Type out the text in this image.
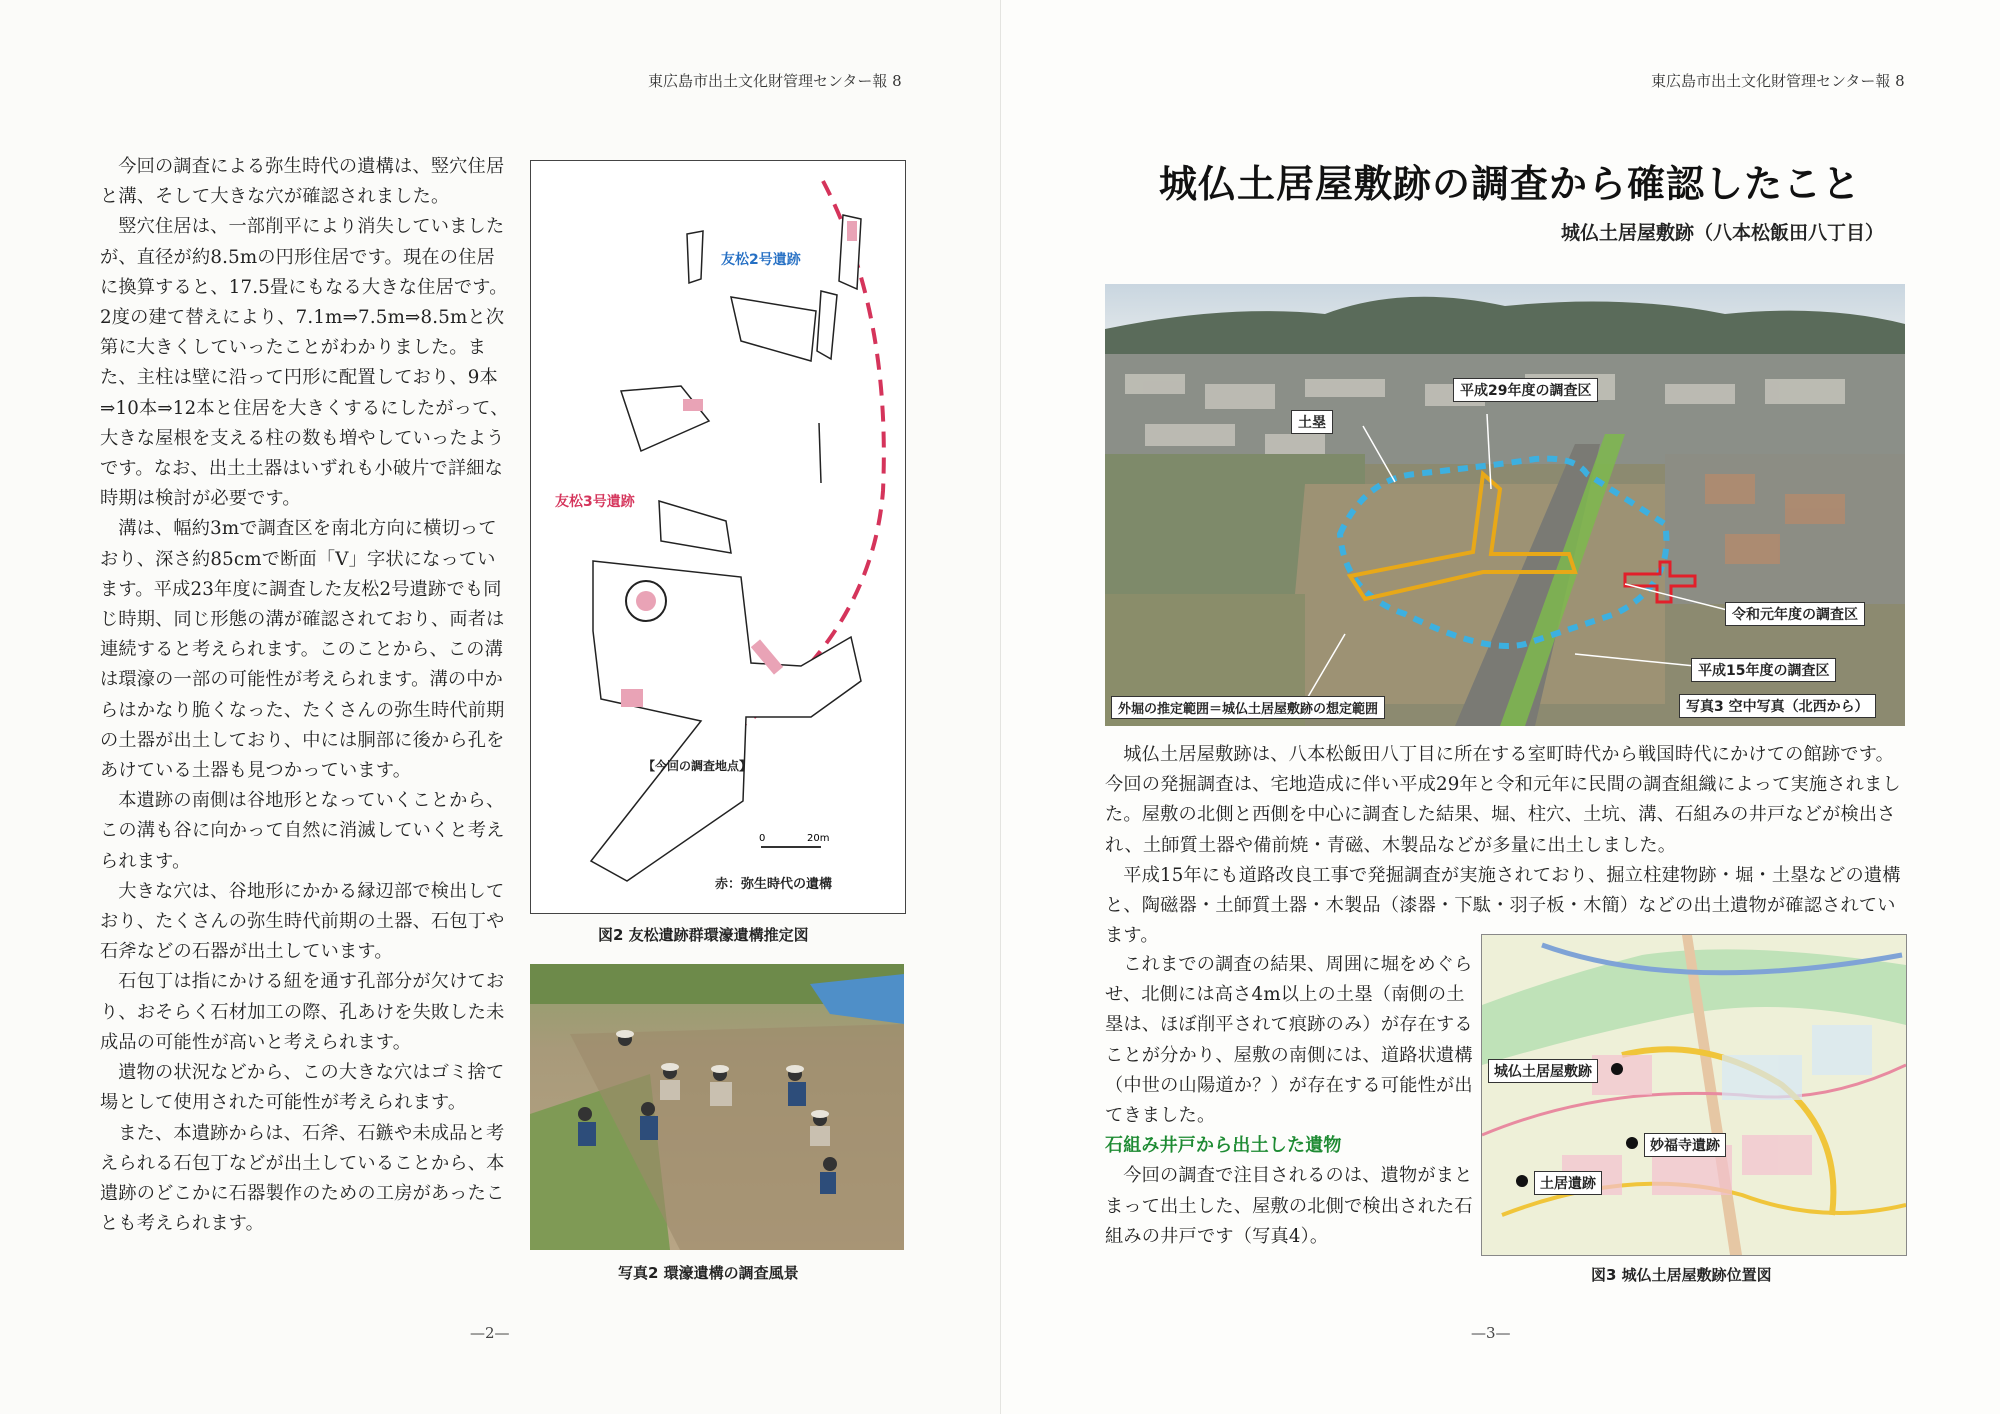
東広島市出土文化財管理センター報 8

今回の調査による弥生時代の遺構は、竪穴住居と溝、そして大きな穴が確認されました。

竪穴住居は、一部削平により消失していましたが、直径が約8.5mの円形住居です。現在の住居に換算すると、17.5畳にもなる大きな住居です。2度の建て替えにより、7.1m⇒7.5m⇒8.5mと次第に大きくしていったことがわかりました。また、主柱は壁に沿って円形に配置しており、9本⇒10本⇒12本と住居を大きくするにしたがって、大きな屋根を支える柱の数も増やしていったようです。なお、出土土器はいずれも小破片で詳細な時期は検討が必要です。

溝は、幅約3mで調査区を南北方向に横切っており、深さ約85cmで断面「V」字状になっています。平成23年度に調査した友松2号遺跡でも同じ時期、同じ形態の溝が確認されており、両者は連続すると考えられます。このことから、この溝は環濠の一部の可能性が考えられます。溝の中からはかなり脆くなった、たくさんの弥生時代前期の土器が出土しており、中には胴部に後から孔をあけている土器も見つかっています。

本遺跡の南側は谷地形となっていくことから、この溝も谷に向かって自然に消滅していくと考えられます。

大きな穴は、谷地形にかかる縁辺部で検出しており、たくさんの弥生時代前期の土器、石包丁や石斧などの石器が出土しています。

石包丁は指にかける紐を通す孔部分が欠けており、おそらく石材加工の際、孔あけを失敗した未成品の可能性が高いと考えられます。

遺物の状況などから、この大きな穴はゴミ捨て場として使用された可能性が考えられます。

また、本遺跡からは、石斧、石鏃や未成品と考えられる石包丁などが出土していることから、本遺跡のどこかに石器製作のための工房があったことも考えられます。

0	20m
友松2号遺跡
友松3号遺跡
【今回の調査地点】
赤：弥生時代の遺構
図2 友松遺跡群環濠遺構推定図
写真2 環濠遺構の調査風景
—2—
東広島市出土文化財管理センター報 8
城仏土居屋敷跡の調査から確認したこと
城仏土居屋敷跡（八本松飯田八丁目）
土塁
平成29年度の調査区
令和元年度の調査区
平成15年度の調査区
外堀の推定範囲＝城仏土居屋敷跡の想定範囲	写真3 空中写真（北西から）

城仏土居屋敷跡は、八本松飯田八丁目に所在する室町時代から戦国時代にかけての館跡です。今回の発掘調査は、宅地造成に伴い平成29年と令和元年に民間の調査組織によって実施されました。屋敷の北側と西側を中心に調査した結果、堀、柱穴、土坑、溝、石組みの井戸などが検出され、土師質土器や備前焼・青磁、木製品などが多量に出土しました。

平成15年にも道路改良工事で発掘調査が実施されており、掘立柱建物跡・堀・土塁などの遺構と、陶磁器・土師質土器・木製品（漆器・下駄・羽子板・木簡）などの出土遺物が確認されています。

これまでの調査の結果、周囲に堀をめぐらせ、北側には高さ4m以上の土塁（南側の土塁は、ほぼ削平されて痕跡のみ）が存在することが分かり、屋敷の南側には、道路状遺構（中世の山陽道か？）が存在する可能性が出てきました。

石組み井戸から出土した遺物

今回の調査で注目されるのは、遺物がまとまって出土した、屋敷の北側で検出された石組みの井戸です（写真4）。

城仏土居屋敷跡
妙福寺遺跡
土居遺跡
図3 城仏土居屋敷跡位置図
—3—
